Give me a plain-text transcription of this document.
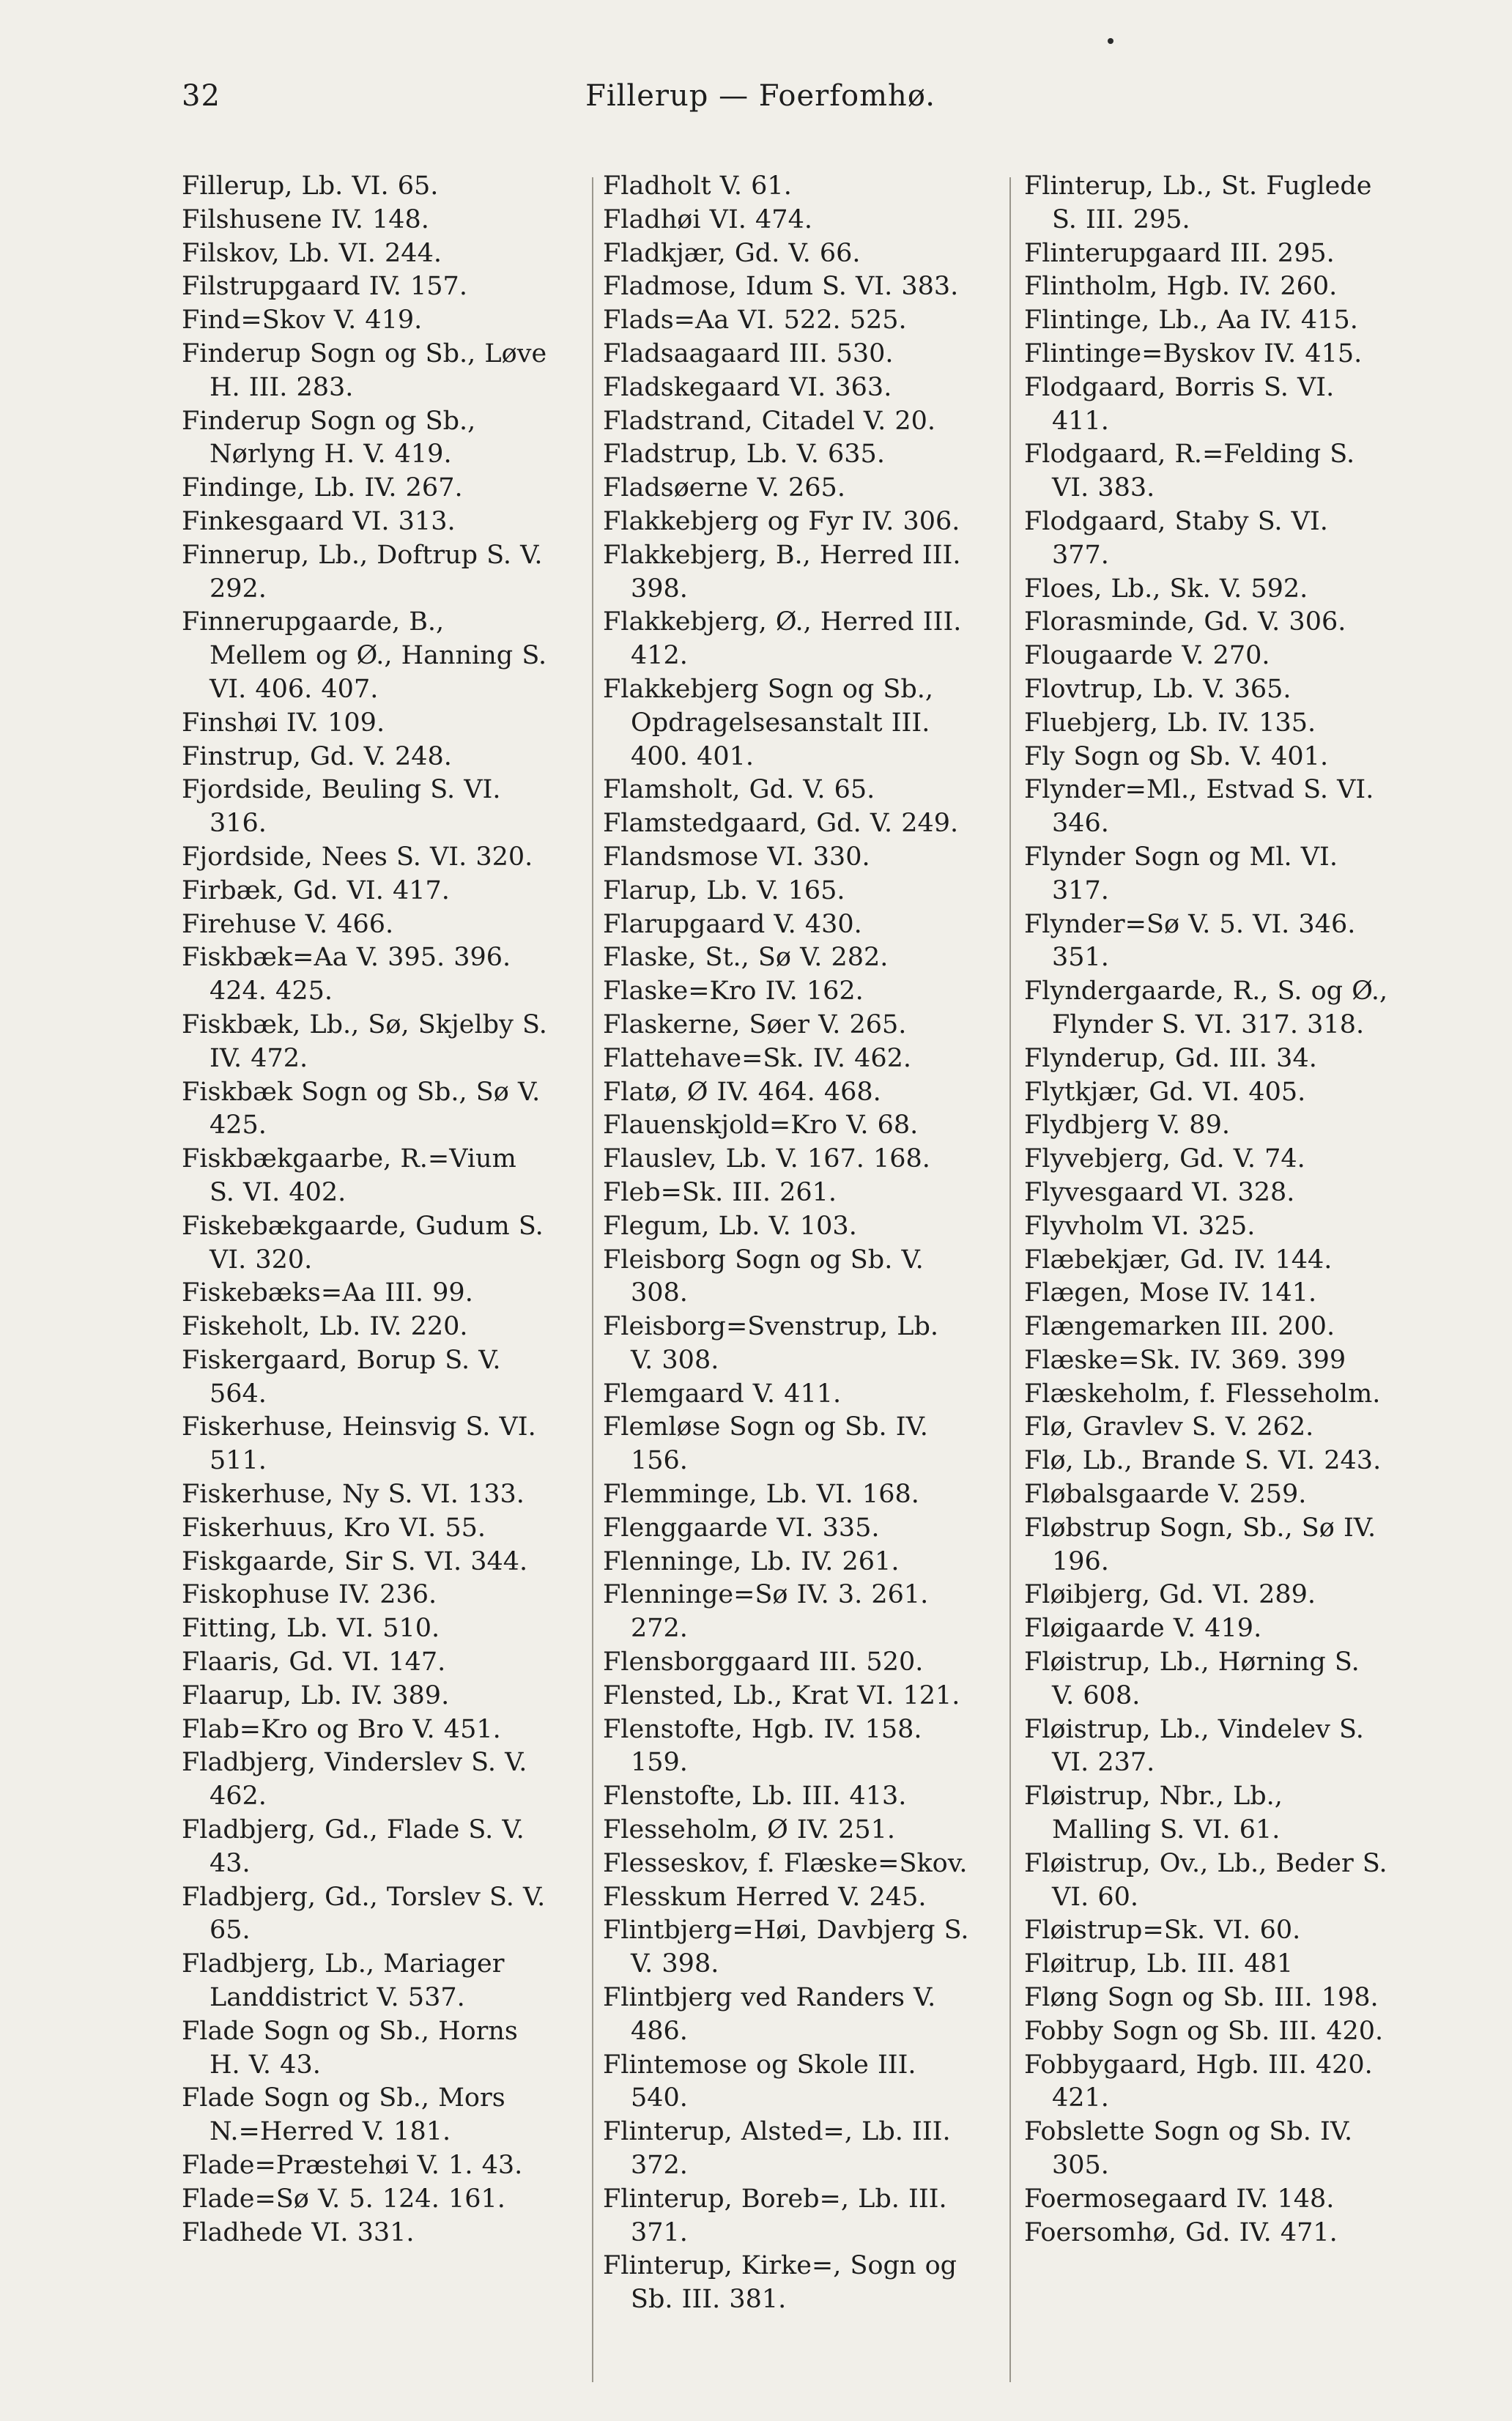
32	Fillerup — Foerfomhø.
Fillerup, Lb. VI. 65.
Filshusene IV. 148.
Filskov, Lb. VI. 244.
Filstrupgaard IV. 157.
Find=Skov V. 419.
Finderup Sogn og Sb., Løve H. III. 283.
Finderup Sogn og Sb., Nørlyng H. V. 419.
Findinge, Lb. IV. 267.
Finkesgaard VI. 313.
Finnerup, Lb., Doftrup S. V. 292.
Finnerupgaarde, B., Mellem og Ø., Hanning S. VI. 406. 407.
Finshøi IV. 109.
Finstrup, Gd. V. 248.
Fjordside, Beuling S. VI. 316.
Fjordside, Nees S. VI. 320.
Firbæk, Gd. VI. 417.
Firehuse V. 466.
Fiskbæk=Aa V. 395. 396. 424. 425.
Fiskbæk, Lb., Sø, Skjelby S. IV. 472.
Fiskbæk Sogn og Sb., Sø V. 425.
Fiskbækgaarbe, R.=Vium S. VI. 402.
Fiskebækgaarde, Gudum S. VI. 320.
Fiskebæks=Aa III. 99.
Fiskeholt, Lb. IV. 220.
Fiskergaard, Borup S. V. 564.
Fiskerhuse, Heinsvig S. VI. 511.
Fiskerhuse, Ny S. VI. 133.
Fiskerhuus, Kro VI. 55.
Fiskgaarde, Sir S. VI. 344.
Fiskophuse IV. 236.
Fitting, Lb. VI. 510.
Flaaris, Gd. VI. 147.
Flaarup, Lb. IV. 389.
Flab=Kro og Bro V. 451.
Fladbjerg, Vinderslev S. V. 462.
Fladbjerg, Gd., Flade S. V. 43.
Fladbjerg, Gd., Torslev S. V. 65.
Fladbjerg, Lb., Mariager Landdistrict V. 537.
Flade Sogn og Sb., Horns H. V. 43.
Flade Sogn og Sb., Mors N.=Herred V. 181.
Flade=Præstehøi V. 1. 43.
Flade=Sø V. 5. 124. 161.
Fladhede VI. 331.
Fladholt V. 61.
Fladhøi VI. 474.
Fladkjær, Gd. V. 66.
Fladmose, Idum S. VI. 383.
Flads=Aa VI. 522. 525.
Fladsaagaard III. 530.
Fladskegaard VI. 363.
Fladstrand, Citadel V. 20.
Fladstrup, Lb. V. 635.
Fladsøerne V. 265.
Flakkebjerg og Fyr IV. 306.
Flakkebjerg, B., Herred III. 398.
Flakkebjerg, Ø., Herred III. 412.
Flakkebjerg Sogn og Sb., Opdragelsesanstalt III. 400. 401.
Flamsholt, Gd. V. 65.
Flamstedgaard, Gd. V. 249.
Flandsmose VI. 330.
Flarup, Lb. V. 165.
Flarupgaard V. 430.
Flaske, St., Sø V. 282.
Flaske=Kro IV. 162.
Flaskerne, Søer V. 265.
Flattehave=Sk. IV. 462.
Flatø, Ø IV. 464. 468.
Flauenskjold=Kro V. 68.
Flauslev, Lb. V. 167. 168.
Fleb=Sk. III. 261.
Flegum, Lb. V. 103.
Fleisborg Sogn og Sb. V. 308.
Fleisborg=Svenstrup, Lb. V. 308.
Flemgaard V. 411.
Flemløse Sogn og Sb. IV. 156.
Flemminge, Lb. VI. 168.
Flenggaarde VI. 335.
Flenninge, Lb. IV. 261.
Flenninge=Sø IV. 3. 261. 272.
Flensborggaard III. 520.
Flensted, Lb., Krat VI. 121.
Flenstofte, Hgb. IV. 158. 159.
Flenstofte, Lb. III. 413.
Flesseholm, Ø IV. 251.
Flesseskov, f. Flæske=Skov.
Flesskum Herred V. 245.
Flintbjerg=Høi, Davbjerg S. V. 398.
Flintbjerg ved Randers V. 486.
Flintemose og Skole III. 540.
Flinterup, Alsted=, Lb. III. 372.
Flinterup, Boreb=, Lb. III. 371.
Flinterup, Kirke=, Sogn og Sb. III. 381.
Flinterup, Lb., St. Fuglede S. III. 295.
Flinterupgaard III. 295.
Flintholm, Hgb. IV. 260.
Flintinge, Lb., Aa IV. 415.
Flintinge=Byskov IV. 415.
Flodgaard, Borris S. VI. 411.
Flodgaard, R.=Felding S. VI. 383.
Flodgaard, Staby S. VI. 377.
Floes, Lb., Sk. V. 592.
Florasminde, Gd. V. 306.
Flougaarde V. 270.
Flovtrup, Lb. V. 365.
Fluebjerg, Lb. IV. 135.
Fly Sogn og Sb. V. 401.
Flynder=Ml., Estvad S. VI. 346.
Flynder Sogn og Ml. VI. 317.
Flynder=Sø V. 5. VI. 346. 351.
Flyndergaarde, R., S. og Ø., Flynder S. VI. 317. 318.
Flynderup, Gd. III. 34.
Flytkjær, Gd. VI. 405.
Flydbjerg V. 89.
Flyvebjerg, Gd. V. 74.
Flyvesgaard VI. 328.
Flyvholm VI. 325.
Flæbekjær, Gd. IV. 144.
Flægen, Mose IV. 141.
Flængemarken III. 200.
Flæske=Sk. IV. 369. 399
Flæskeholm, f. Flesseholm.
Flø, Gravlev S. V. 262.
Flø, Lb., Brande S. VI. 243.
Fløbalsgaarde V. 259.
Fløbstrup Sogn, Sb., Sø IV. 196.
Fløibjerg, Gd. VI. 289.
Fløigaarde V. 419.
Fløistrup, Lb., Hørning S. V. 608.
Fløistrup, Lb., Vindelev S. VI. 237.
Fløistrup, Nbr., Lb., Malling S. VI. 61.
Fløistrup, Ov., Lb., Beder S. VI. 60.
Fløistrup=Sk. VI. 60.
Fløitrup, Lb. III. 481
Fløng Sogn og Sb. III. 198.
Fobby Sogn og Sb. III. 420.
Fobbygaard, Hgb. III. 420. 421.
Fobslette Sogn og Sb. IV. 305.
Foermosegaard IV. 148.
Foersomhø, Gd. IV. 471.
